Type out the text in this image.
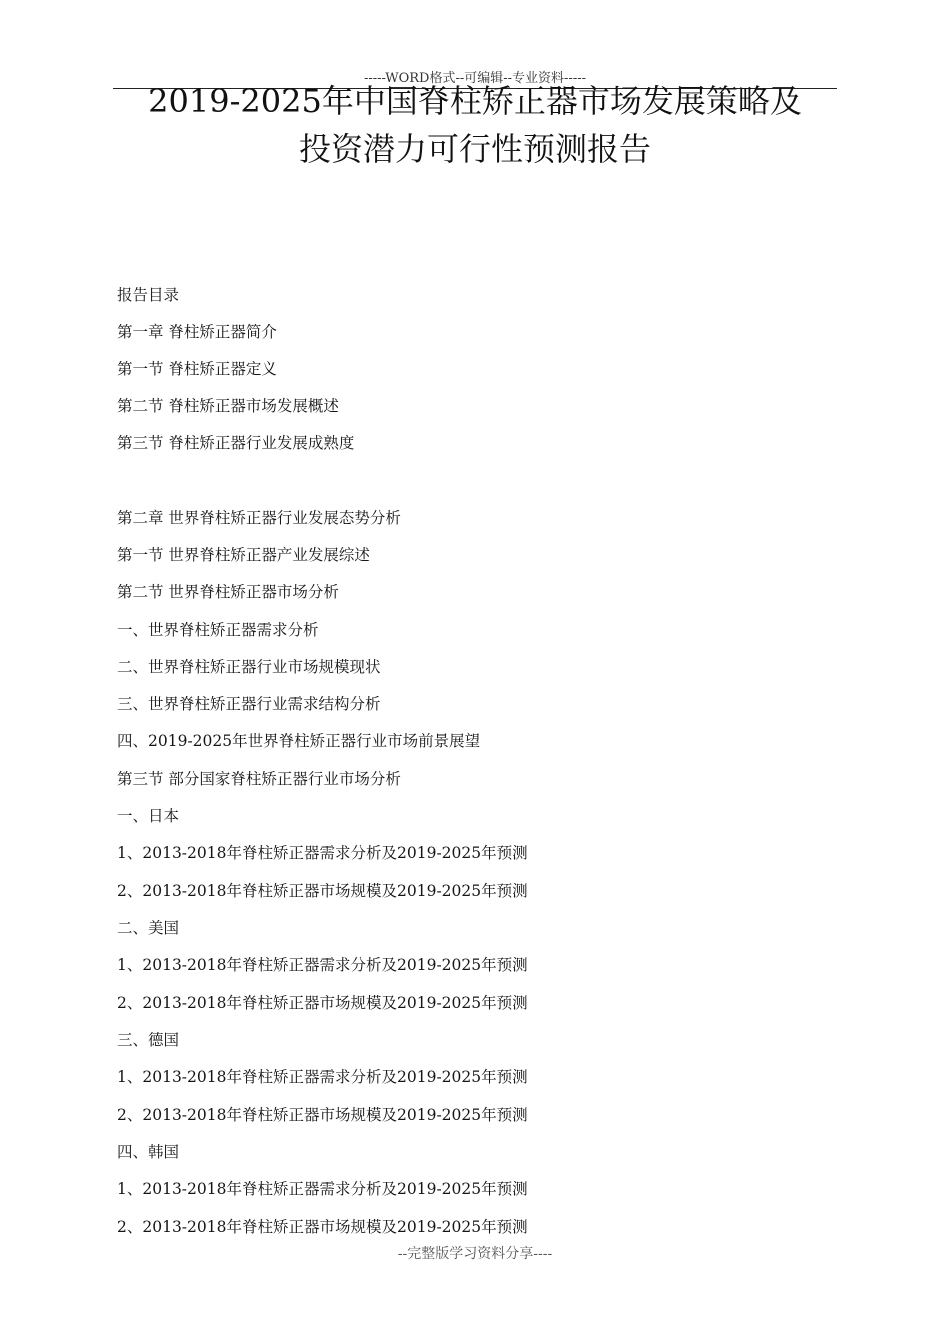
-----WORD格式--可编辑--专业资料-----
2019-2025年中国脊柱矫正器市场发展策略及
投资潜力可行性预测报告
报告目录
第一章 脊柱矫正器简介
第一节 脊柱矫正器定义
第二节 脊柱矫正器市场发展概述
第三节 脊柱矫正器行业发展成熟度
第二章 世界脊柱矫正器行业发展态势分析
第一节 世界脊柱矫正器产业发展综述
第二节 世界脊柱矫正器市场分析
一、世界脊柱矫正器需求分析
二、世界脊柱矫正器行业市场规模现状
三、世界脊柱矫正器行业需求结构分析
四、2019-2025年世界脊柱矫正器行业市场前景展望
第三节 部分国家脊柱矫正器行业市场分析
一、日本
1、2013-2018年脊柱矫正器需求分析及2019-2025年预测
2、2013-2018年脊柱矫正器市场规模及2019-2025年预测
二、美国
1、2013-2018年脊柱矫正器需求分析及2019-2025年预测
2、2013-2018年脊柱矫正器市场规模及2019-2025年预测
三、德国
1、2013-2018年脊柱矫正器需求分析及2019-2025年预测
2、2013-2018年脊柱矫正器市场规模及2019-2025年预测
四、韩国
1、2013-2018年脊柱矫正器需求分析及2019-2025年预测
2、2013-2018年脊柱矫正器市场规模及2019-2025年预测
--完整版学习资料分享----
